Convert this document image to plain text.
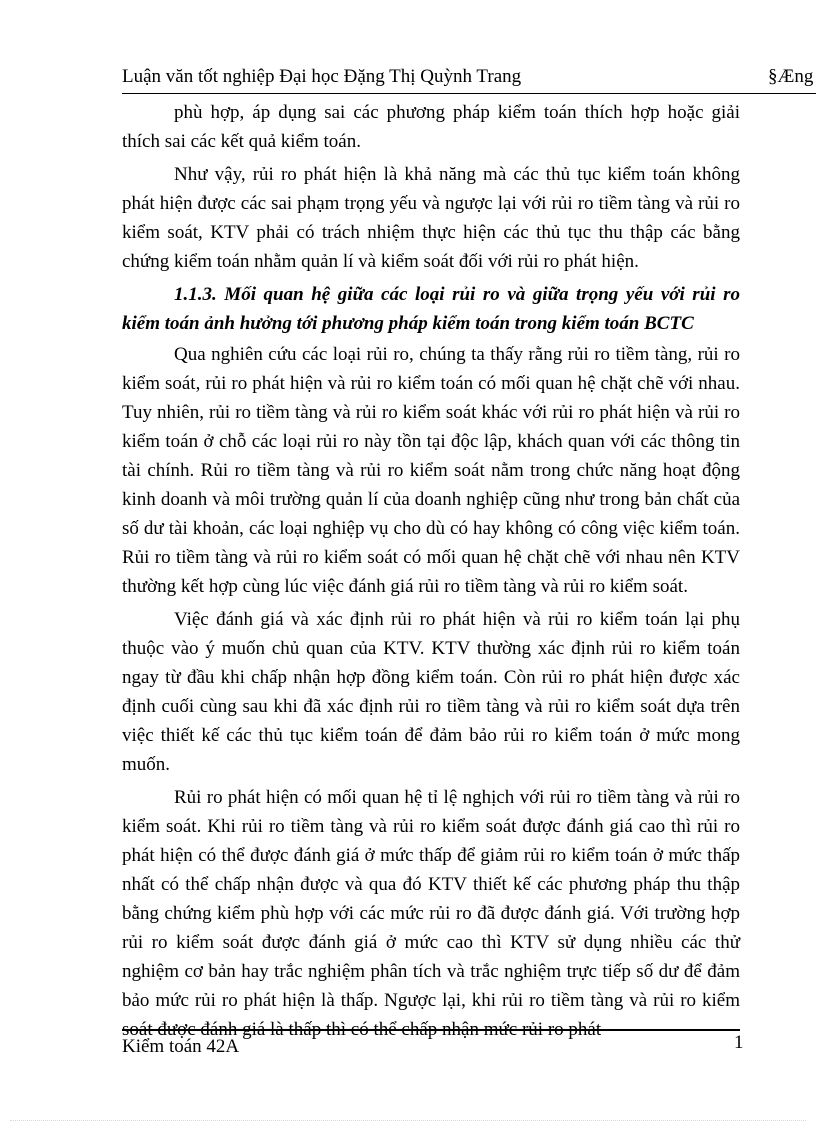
Luận văn tốt nghiệp Đại học Đặng Thị Quỳnh Trang	§Æng

phù hợp, áp dụng sai các phương pháp kiểm toán thích hợp hoặc giải thích sai các kết quả kiểm toán.

Như vậy, rủi ro phát hiện là khả năng mà các thủ tục kiểm toán không phát hiện được các sai phạm trọng yếu và ngược lại với rủi ro tiềm tàng và rủi ro kiểm soát, KTV phải có trách nhiệm thực hiện các thủ tục thu thập các bằng chứng kiểm toán nhằm quản lí và kiểm soát đối với rủi ro phát hiện.

1.1.3. Mối quan hệ giữa các loại rủi ro và giữa trọng yếu với rủi ro kiểm toán ảnh hưởng tới phương pháp kiểm toán trong kiểm toán BCTC

Qua nghiên cứu các loại rủi ro, chúng ta thấy rằng rủi ro tiềm tàng, rủi ro kiểm soát, rủi ro phát hiện và rủi ro kiểm toán có mối quan hệ chặt chẽ với nhau. Tuy nhiên, rủi ro tiềm tàng và rủi ro kiểm soát khác với rủi ro phát hiện và rủi ro kiểm toán ở chỗ các loại rủi ro này tồn tại độc lập, khách quan với các thông tin tài chính. Rủi ro tiềm tàng và rủi ro kiểm soát nằm trong chức năng hoạt động kinh doanh và môi trường quản lí của doanh nghiệp cũng như trong bản chất của số dư tài khoản, các loại nghiệp vụ cho dù có hay không có công việc kiểm toán. Rủi ro tiềm tàng và rủi ro kiểm soát có mối quan hệ chặt chẽ với nhau nên KTV thường kết hợp cùng lúc việc đánh giá rủi ro tiềm tàng và rủi ro kiểm soát.

Việc đánh giá và xác định rủi ro phát hiện và rủi ro kiểm toán lại phụ thuộc vào ý muốn chủ quan của KTV. KTV thường xác định rủi ro kiểm toán ngay từ đầu khi chấp nhận hợp đồng kiểm toán. Còn rủi ro phát hiện được xác định cuối cùng sau khi đã xác định rủi ro tiềm tàng và rủi ro kiểm soát dựa trên việc thiết kế các thủ tục kiểm toán để đảm bảo rủi ro kiểm toán ở mức mong muốn.

Rủi ro phát hiện có mối quan hệ tỉ lệ nghịch với rủi ro tiềm tàng và rủi ro kiểm soát. Khi rủi ro tiềm tàng và rủi ro kiểm soát được đánh giá cao thì rủi ro phát hiện có thể được đánh giá ở mức thấp để giảm rủi ro kiểm toán ở mức thấp nhất có thể chấp nhận được và qua đó KTV thiết kế các phương pháp thu thập bằng chứng kiểm phù hợp với các mức rủi ro đã được đánh giá. Với trường hợp rủi ro kiểm soát được đánh giá ở mức cao thì KTV sử dụng nhiều các thử nghiệm cơ bản hay trắc nghiệm phân tích và trắc nghiệm trực tiếp số dư để đảm bảo mức rủi ro phát hiện là thấp. Ngược lại, khi rủi ro tiềm tàng và rủi ro kiểm soát được đánh giá là thấp thì có thể chấp nhận mức rủi ro phát

Kiểm toán 42A	1
